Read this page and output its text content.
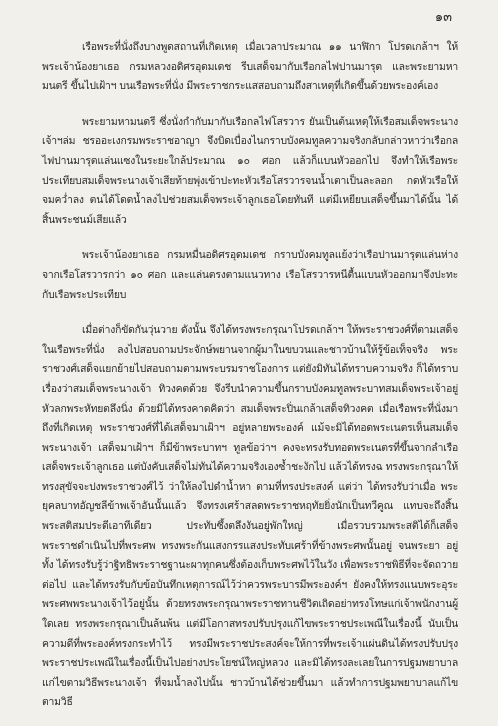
๑๓

เรือพระที่นั่งถึงบางพูดสถานที่เกิดเหตุ เมื่อเวลาประมาณ ๑๑ นาฬิกา โปรดเกล้าฯ ให้พระเจ้าน้องยาเธอ กรมหลวงอดิศรอุดมเดช รีบเสด็จมากับเรือกลไฟปานมารุต และพระยามหามนตรี ขึ้นไปเฝ้าฯ บนเรือพระที่นั่ง มีพระราชกระแสสอบถามถึงสาเหตุที่เกิดขึ้นด้วยพระองค์เอง

พระยามหามนตรี ซึ่งนั่งกำกับมากับเรือกลไฟโสรวาร ยันเป็นต้นเหตุให้เรือสมเด็จพระนางเจ้าฯล่ม ชรออะเงกรมพระราชอาญา จึงบิดเบื่องไนกราบบังคมทูลความจริงกลับกล่าวหาว่าเรือกลไฟปานมารุตแล่นแซงในระยะใกล้ประมาณ ๑๐ ศอก แล้วก็แบนหัวออกไป จึงทำให้เรือพระประเทียบสมเด็จพระนางเจ้าเสียท้ายพุ่งเข้าปะทะหัวเรือโสรวารจนน้ำเตาเป็นละลอก กดหัวเรือให้จมคว่ำลง ตนได้โดดน้ำลงไปช่วยสมเด็จพระเจ้าลูกเธอโดยทันที แต่มีเหยียบเสด็จขึ้นมาได้นั้น ได้สิ้นพระชนม์เสียแล้ว

พระเจ้าน้องยาเธอ กรมหมื่นอดิศรอุดมเดช กราบบังคมทูลแย้งว่าเรือปานมารุตแล่นห่างจากเรือโสรวารกว่า ๑๐ ศอก และแล่นตรงตามแนวทาง เรือโสรวารหนีตื้นแบนหัวออกมาจึงปะทะกับเรือพระประเทียบ

เมื่อต่างก็ขัดกันวุ่นวาย ดังนั้น จึงได้ทรงพระกรุณาโปรดเกล้าฯ ให้พระราชวงศ์ที่ตามเสด็จในเรือพระที่นั่ง ลงไปสอบถามประจักษ์พยานจากผู้มาในขบวนและชาวบ้านให้รู้ข้อเท็จจริง พระราชวงศ์เสด็จแยกย้ายไปสอบถามตามพระบรมราชโองการ แต่ยังมิทันได้ทราบความจริง ก็ได้ทราบเรื่องว่าสมเด็จพระนางเจ้า ทิวงคตด้วย จึงรีบนำความขึ้นกราบบังคมทูลพระบาทสมเด็จพระเจ้าอยู่หัวลกพระหัทยตลึงนิ่ง ด้วยมิได้ทรงคาดคิดว่า สมเด็จพระปิ่นเกล้าเสด็จทิวงคต เมื่อเรือพระที่นั่งมาถึงที่เกิดเหตุ พระราชวงศ์ที่ได้เสด็จมาเฝ้าฯ อยู่หลายพระองค์ แม้จะมิได้ทอดพระเนตรเห็นสมเด็จพระนางเจ้า เสด็จมาเฝ้าฯ ก็มีข้าพระบาทฯ ทูลข้อว่าฯ คงจะทรงรับทอดพระเนตรที่ขึ้นจากลำเรือเสด็จพระเจ้าลูกเธอ แต่บังคับเสด็จไม่ทันได้ความจริงเองซ้ำชะงักไป แล้วได้ทรงฉ ทรงพระกรุณาให้ทรงสุขัจจะปงพระราชวงศ์ไว้ ว่าให้ลงไปดำน้ำหา ตามที่ทรงประสงค์ แต่ว่า ได้ทรงรับว่าเมื่อ พระยุคลบาทอัญชลีข้าพเจ้าอันนั้นแล้ว จึงทรงเศร้าสลดพระราชหฤทัยยิ่งนักเป็นทวีคูณ แทบจะถึงสิ้นพระสติสมประดีเอาทีเดียว ประทับซึ้งตลึงงันอยู่พักใหญ่ เมื่อรวบรวมพระสติได้ก็เสด็จพระราชดำเนินไปที่พระศพ ทรงพระกันแสงกรรแสงประทับเศร้าที่ข้างพระศพนั้นอยู่ จนพระยา อยู่ทั้ง ได้ทรงรับรู้ว่าฐิทธิพระราชฐานะผาทุกคนซึ่งต้องเก็บพระศพไว้ในวัง เพื่อพระราชพิธีที่จะจัดถวายต่อไป และได้ทรงรับกับข้อบันทึกเหตุการณ์ไว้ว่าควรพระบารมีพระองค์ฯ ยังคงให้ทรงแนบพระอุระพระศพพระนางเจ้าไว้อยู่นั้น ด้วยทรงพระกรุณาพระราชทานชีวิตเถิดอย่าทรงโทษแก่เจ้าพนักงานผู้ใดเลย ทรงพระกรุณาเป็นล้นพ้น แต่มีโอกาสทรงปรับปรุงแก้ไขพระราชประเพณีในเรื่องนี้ นับเป็นความดีที่พระองค์ทรงกระทำไว้ ทรงมีพระราชประสงค์จะให้การที่พระเจ้าแผ่นดินได้ทรงปรับปรุงพระราชประเพณีในเรื่องนี้เป็นไปอย่างประโยชน์ใหญ่หลวง และมิได้ทรงละเลยในการปฐมพยาบาลแก่ไขตามวิธีพระนางเจ้า ที่จมน้ำลงไปนั้น ชาวบ้านได้ช่วยขึ้นมา แล้วทำการปฐมพยาบาลแก้ไขตามวิธี
